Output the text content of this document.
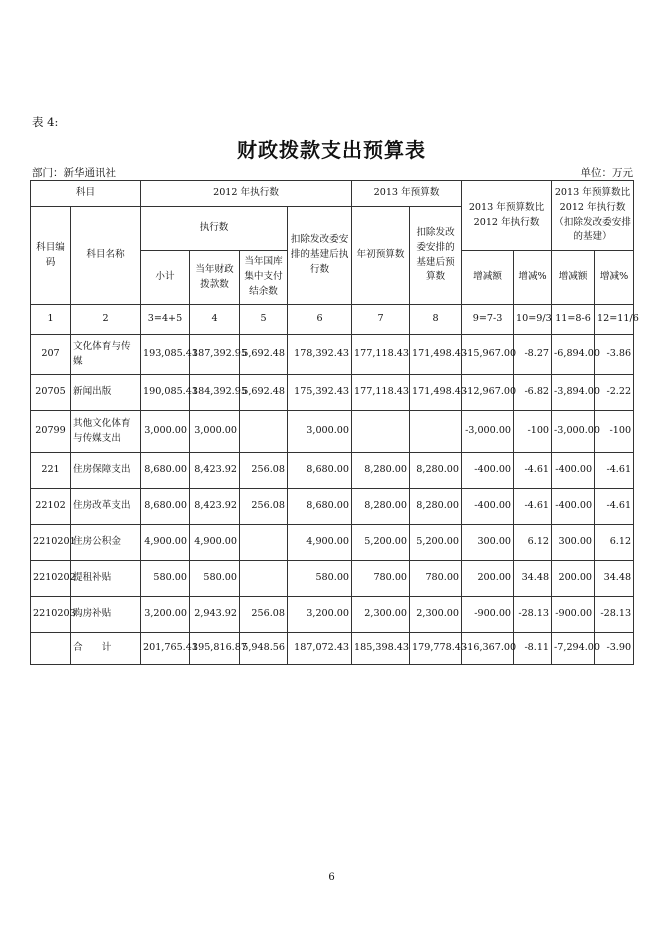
表 4:
财政拨款支出预算表
部门：新华通讯社	单位：万元
科目		2012 年执行数				2013 年预算数		2013 年预算数比 2012 年执行数		2013 年预算数比 2012 年执行数（扣除发改委安排的基建）	
科目编码	科目名称	执行数			扣除发改委安排的基建后执行数	年初预算数	扣除发改委安排的基建后预算数				
		小计	当年财政拨款数	当年国库集中支付结余数				增减额	增减%	增减额	增减%
1	2	3=4+5	4	5	6	7	8	9=7-3	10=9/3	11=8-6	12=11/6
207	文化体育与传媒	193,085.43	187,392.95	5,692.48	178,392.43	177,118.43	171,498.43	-15,967.00	-8.27	-6,894.00	-3.86
20705	新闻出版	190,085.43	184,392.95	5,692.48	175,392.43	177,118.43	171,498.43	-12,967.00	-6.82	-3,894.00	-2.22
20799	其他文化体育与传媒支出	3,000.00	3,000.00		3,000.00			-3,000.00	-100	-3,000.00	-100
221	住房保障支出	8,680.00	8,423.92	256.08	8,680.00	8,280.00	8,280.00	-400.00	-4.61	-400.00	-4.61
22102	住房改革支出	8,680.00	8,423.92	256.08	8,680.00	8,280.00	8,280.00	-400.00	-4.61	-400.00	-4.61
2210201	住房公积金	4,900.00	4,900.00		4,900.00	5,200.00	5,200.00	300.00	6.12	300.00	6.12
2210202	提租补贴	580.00	580.00		580.00	780.00	780.00	200.00	34.48	200.00	34.48
2210203	购房补贴	3,200.00	2,943.92	256.08	3,200.00	2,300.00	2,300.00	-900.00	-28.13	-900.00	-28.13
	合　　计	201,765.43	195,816.87	5,948.56	187,072.43	185,398.43	179,778.43	-16,367.00	-8.11	-7,294.00	-3.90
6
